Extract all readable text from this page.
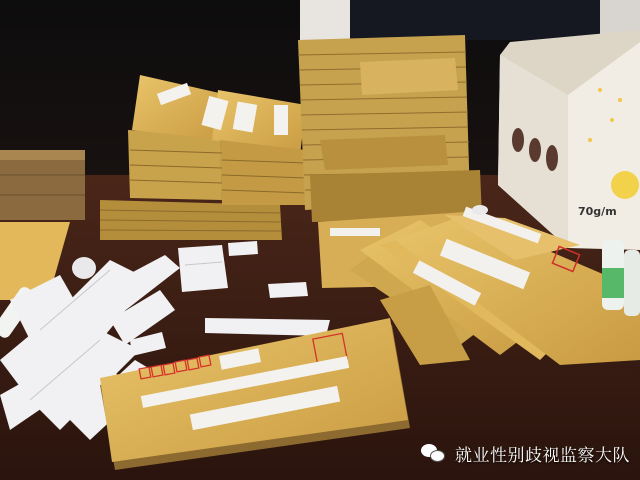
70g/m
就业性别歧视监察大队
